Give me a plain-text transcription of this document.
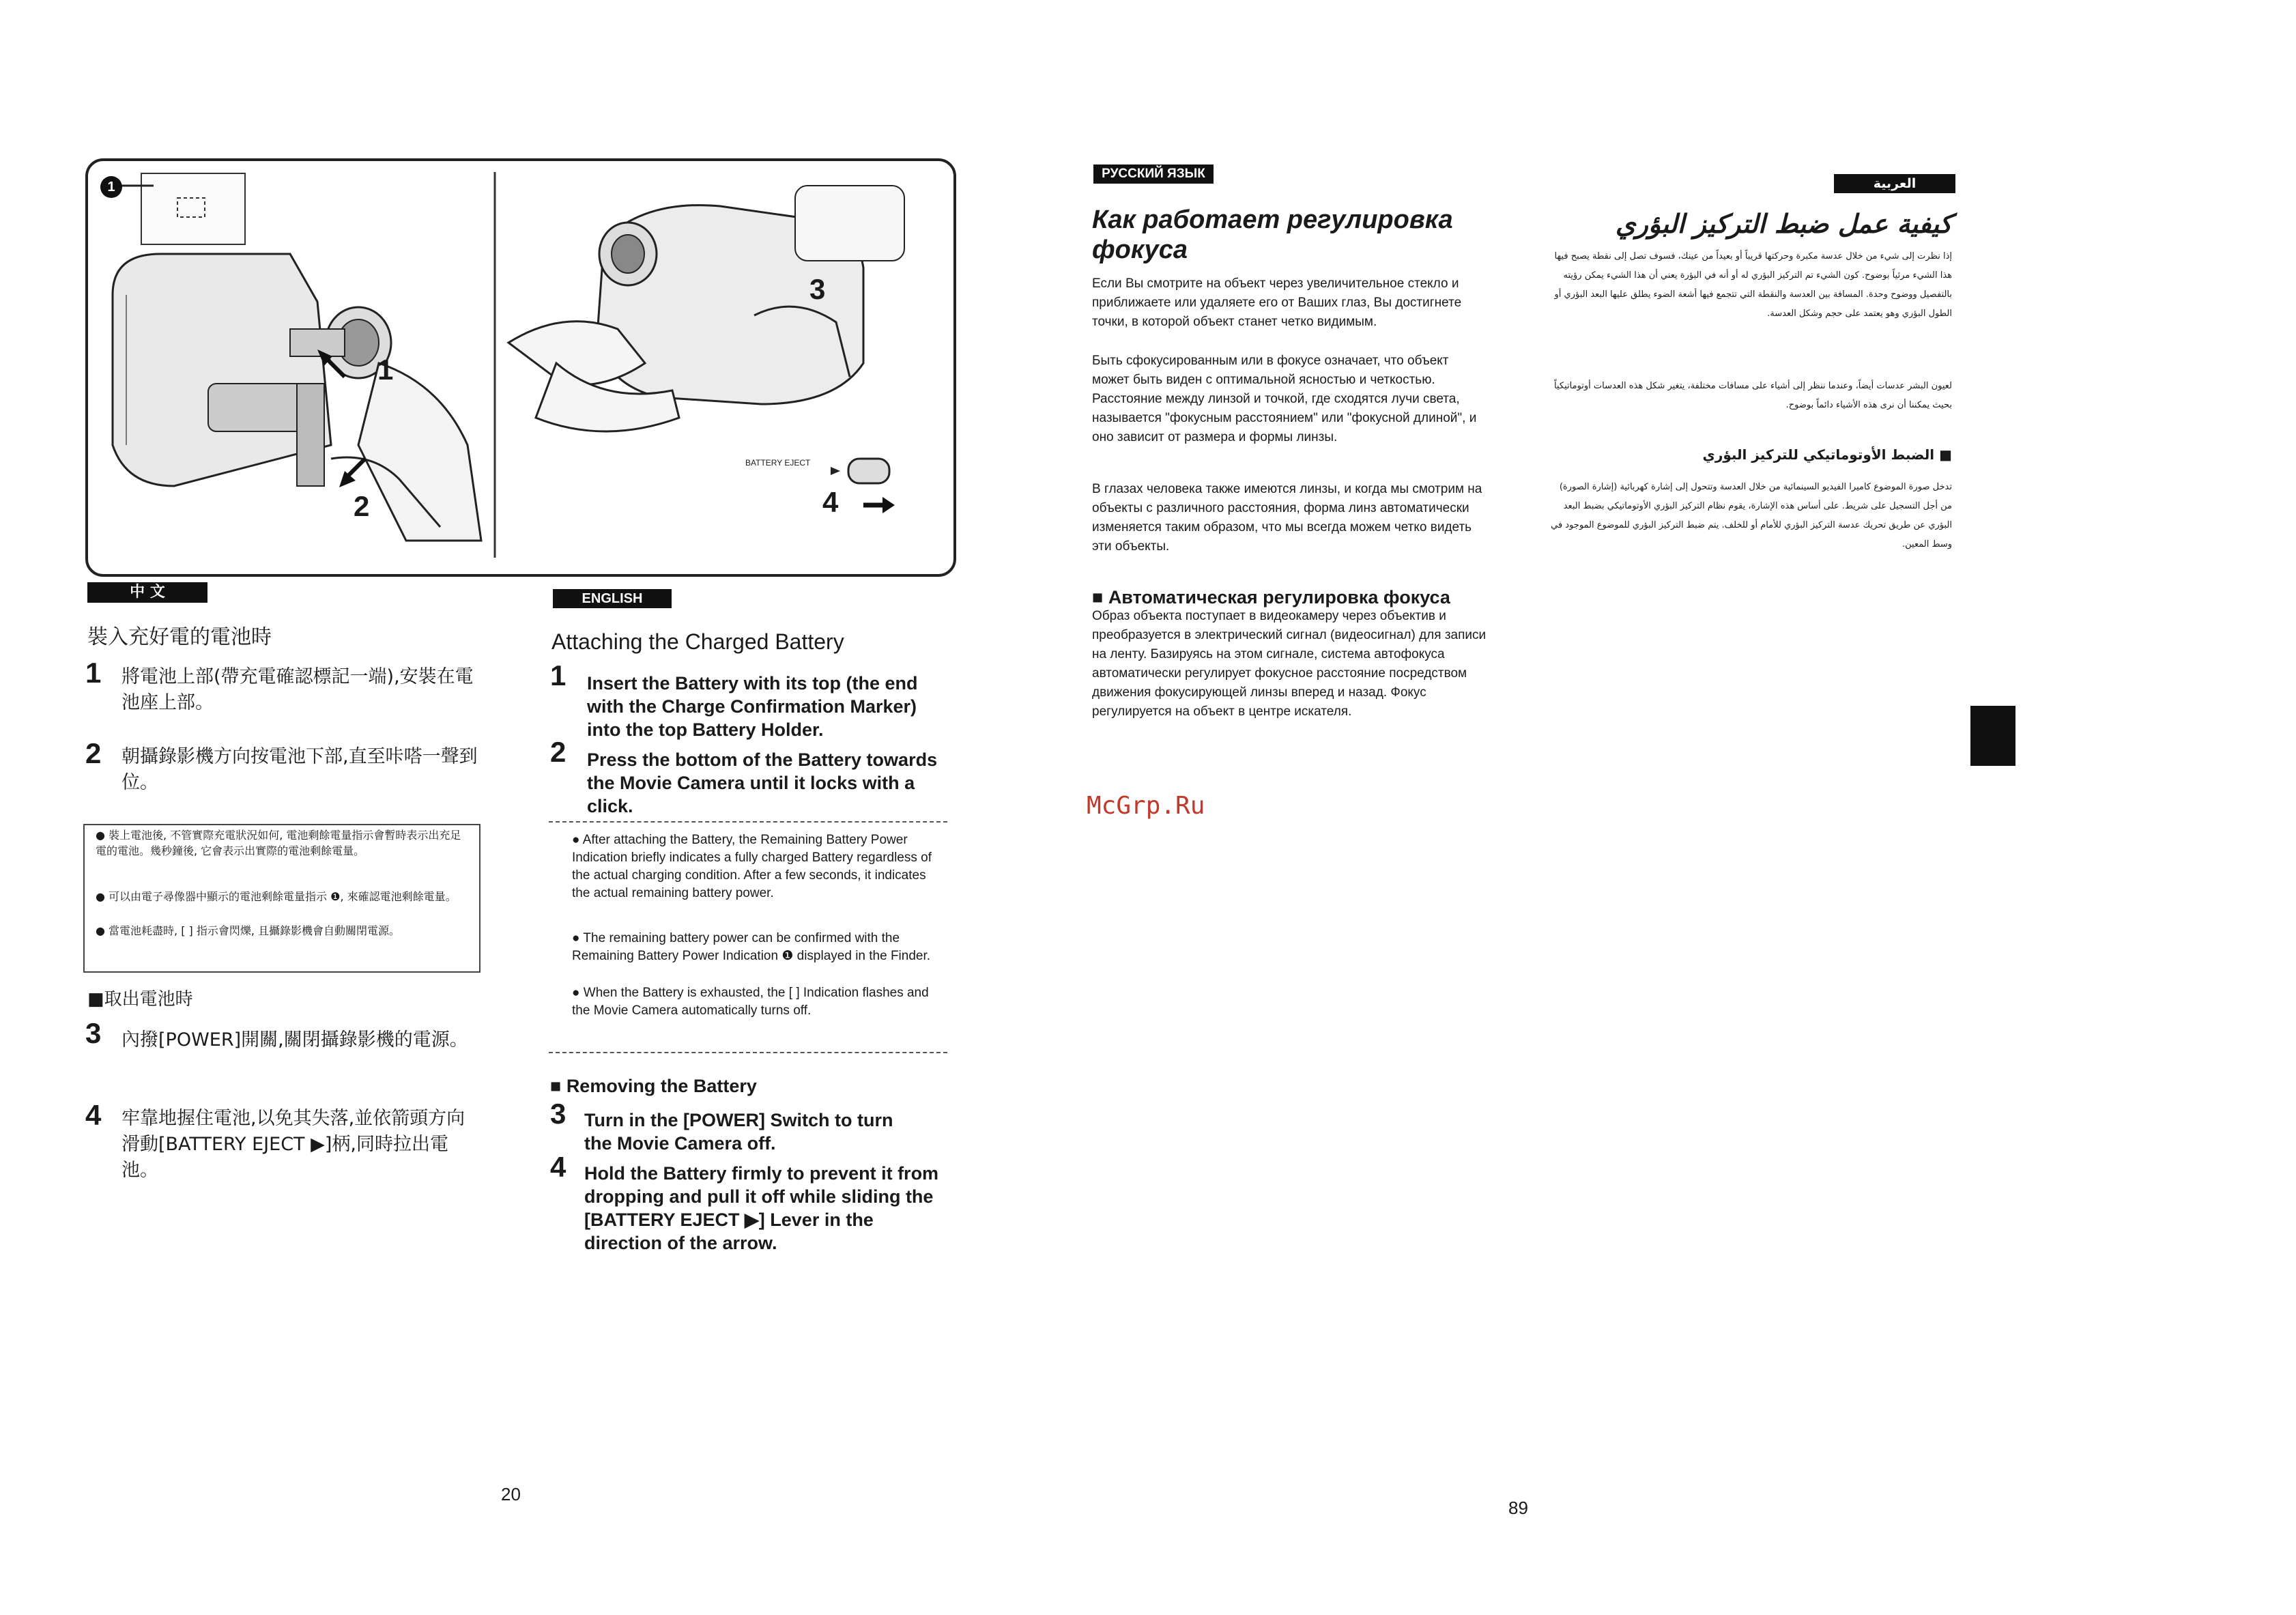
1
1
2
3
4
BATTERY EJECT
中 文
裝入充好電的電池時
1 將電池上部(帶充電確認標記一端),安裝在電池座上部。
2 朝攝錄影機方向按電池下部,直至咔嗒一聲到位。
● 裝上電池後, 不管實際充電狀況如何, 電池剩餘電量指示會暫時表示出充足電的電池。幾秒鐘後, 它會表示出實際的電池剩餘電量。
● 可以由電子尋像器中顯示的電池剩餘電量指示 ❶, 來確認電池剩餘電量。
● 當電池耗盡時, [ ] 指示會閃爍, 且攝錄影機會自動關閉電源。
■取出電池時
3 內撥[POWER]開關,關閉攝錄影機的電源。
4 牢靠地握住電池,以免其失落,並依箭頭方向滑動[BATTERY EJECT ▶]柄,同時拉出電池。
ENGLISH
Attaching the Charged Battery
1 Insert the Battery with its top (the end with the Charge Confirmation Marker) into the top Battery Holder.
2 Press the bottom of the Battery towards the Movie Camera until it locks with a click.
● After attaching the Battery, the Remaining Battery Power Indication briefly indicates a fully charged Battery regardless of the actual charging condition. After a few seconds, it indicates the actual remaining battery power.
● The remaining battery power can be confirmed with the Remaining Battery Power Indication ❶ displayed in the Finder.
● When the Battery is exhausted, the [ ] Indication flashes and the Movie Camera automatically turns off.
■ Removing the Battery
3 Turn in the [POWER] Switch to turn the Movie Camera off.
4 Hold the Battery firmly to prevent it from dropping and pull it off while sliding the [BATTERY EJECT ▶] Lever in the direction of the arrow.
20
РУССКИЙ ЯЗЫК
Как работает регулировка фокуса
Если Вы смотрите на объект через увеличительное стекло и приближаете или удаляете его от Ваших глаз, Вы достигнете точки, в которой объект станет четко видимым.
Быть сфокусированным или в фокусе означает, что объект может быть виден с оптимальной ясностью и четкостью. Расстояние между линзой и точкой, где сходятся лучи света, называется "фокусным расстоянием" или "фокусной длиной", и оно зависит от размера и формы линзы.
В глазах человека также имеются линзы, и когда мы смотрим на объекты с различного расстояния, форма линз автоматически изменяется таким образом, что мы всегда можем четко видеть эти объекты.
■ Автоматическая регулировка фокуса
Образ объекта поступает в видеокамеру через объектив и преобразуется в электрический сигнал (видеосигнал) для записи на ленту. Базируясь на этом сигнале, система автофокуса автоматически регулирует фокусное расстояние посредством движения фокусирующей линзы вперед и назад. Фокус регулируется на объект в центре искателя.
McGrp.Ru
89
العربية
كيفية عمل ضبط التركيز البؤري
إذا نظرت إلى شيء من خلال عدسة مكبرة وحركتها قريباً أو بعيداً من عينك، فسوف تصل إلى نقطة يصبح فيها هذا الشيء مرئياً بوضوح. كون الشيء تم التركيز البؤري له أو أنه في البؤرة يعني أن هذا الشيء يمكن رؤيته بالتفصيل ووضوح وحدة. المسافة بين العدسة والنقطة التي تتجمع فيها أشعة الضوء يطلق عليها البعد البؤري أو الطول البؤري وهو يعتمد على حجم وشكل العدسة.
لعيون البشر عدسات أيضاً، وعندما ننظر إلى أشياء على مسافات مختلفة، يتغير شكل هذه العدسات أوتوماتيكياً بحيث يمكننا أن نرى هذه الأشياء دائماً بوضوح.
■ الضبط الأوتوماتيكي للتركيز البؤري
تدخل صورة الموضوع كاميرا الفيديو السينمائية من خلال العدسة وتتحول إلى إشارة كهربائية (إشارة الصورة) من أجل التسجيل على شريط. على أساس هذه الإشارة، يقوم نظام التركيز البؤري الأوتوماتيكي بضبط البعد البؤري عن طريق تحريك عدسة التركيز البؤري للأمام أو للخلف. يتم ضبط التركيز البؤري للموضوع الموجود في وسط المعين.
